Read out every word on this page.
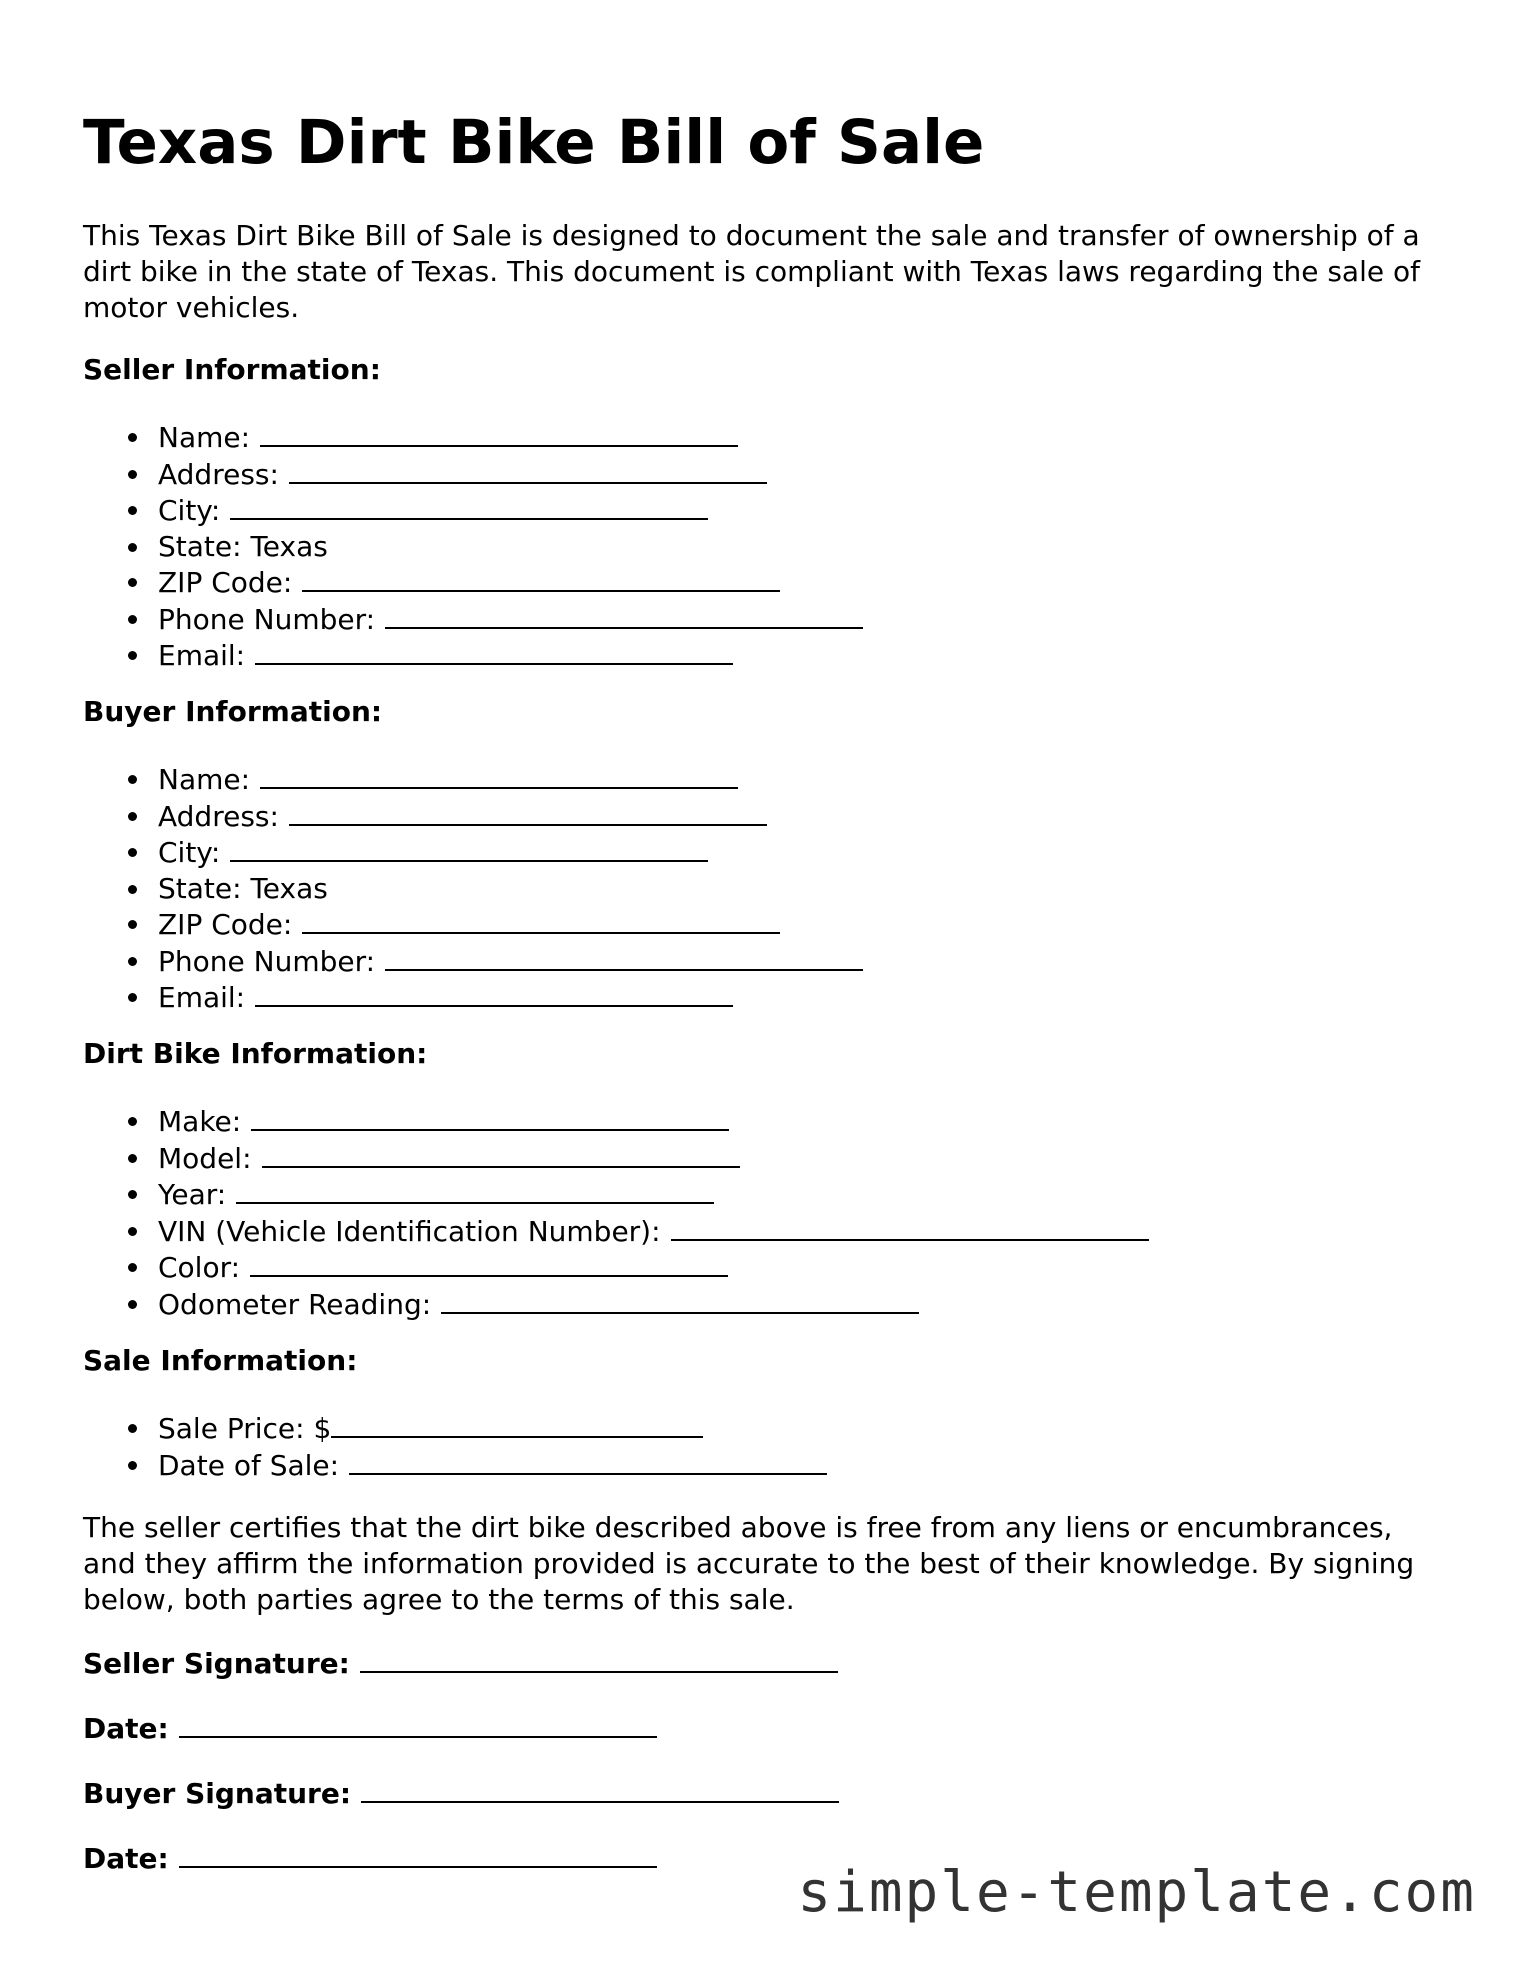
Texas Dirt Bike Bill of Sale

This Texas Dirt Bike Bill of Sale is designed to document the sale and transfer of ownership of a dirt bike in the state of Texas. This document is compliant with Texas laws regarding the sale of motor vehicles.

Seller Information:
Name:
Address:
City:
State: Texas
ZIP Code:
Phone Number:
Email:
Buyer Information:
Name:
Address:
City:
State: Texas
ZIP Code:
Phone Number:
Email:
Dirt Bike Information:
Make:
Model:
Year:
VIN (Vehicle Identification Number):
Color:
Odometer Reading:
Sale Information:
Sale Price: $
Date of Sale:

The seller certifies that the dirt bike described above is free from any liens or encumbrances, and they affirm the information provided is accurate to the best of their knowledge. By signing below, both parties agree to the terms of this sale.

Seller Signature:

Date:

Buyer Signature:

Date:

simple-template.com
